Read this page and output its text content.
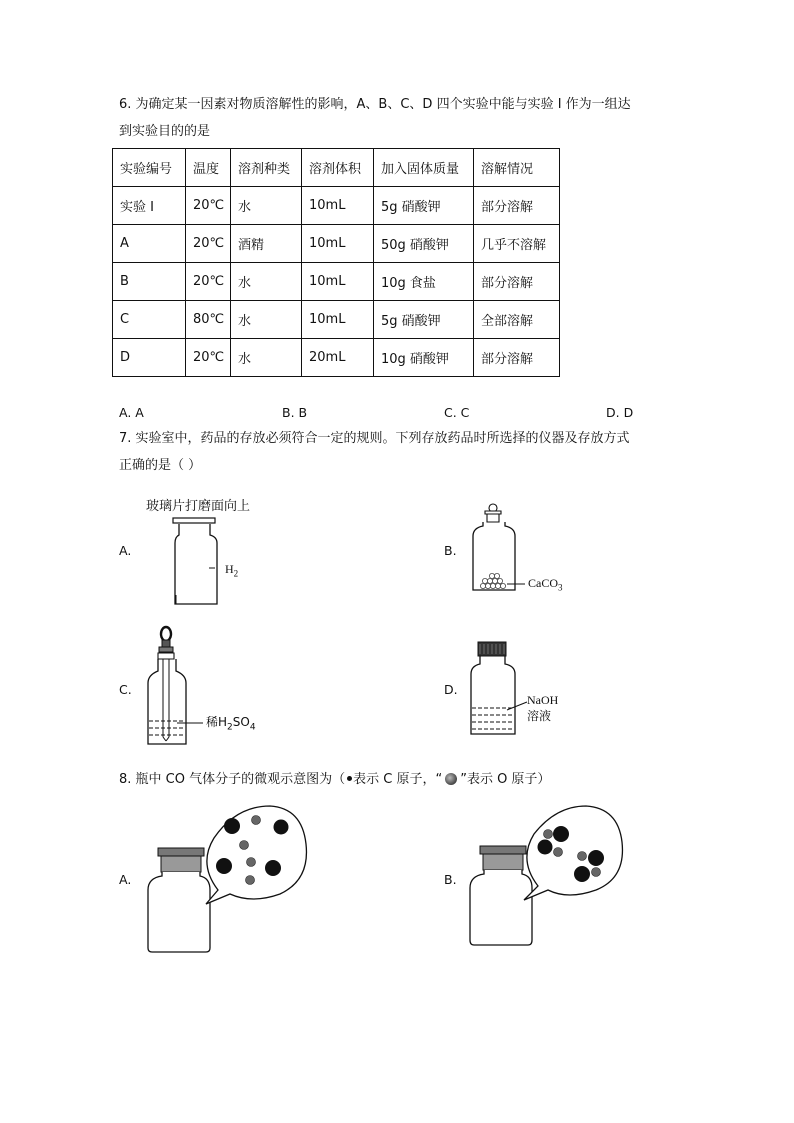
6. 为确定某一因素对物质溶解性的影响，A、B、C、D 四个实验中能与实验 I 作为一组达
到实验目的的是
实验编号	温度	溶剂种类	溶剂体积	加入固体质量	溶解情况
实验 I	20℃	水	10mL	5g 硝酸钾	部分溶解
A	20℃	酒精	10mL	50g 硝酸钾	几乎不溶解
B	20℃	水	10mL	10g 食盐	部分溶解
C	80℃	水	10mL	5g 硝酸钾	全部溶解
D	20℃	水	20mL	10g 硝酸钾	部分溶解
A. A	B. B	C. C	D. D
7. 实验室中，药品的存放必须符合一定的规则。下列存放药品时所选择的仪器及存放方式
正确的是（ ）
玻璃片打磨面向上
A.
$H_2$
B.
CaCO$_3$
C.
稀$H_2SO_4$
D.
NaOH
溶液
8. 瓶中 CO 气体分子的微观示意图为（ 表示 C 原子，“ ”表示 O 原子）
A.	B.
